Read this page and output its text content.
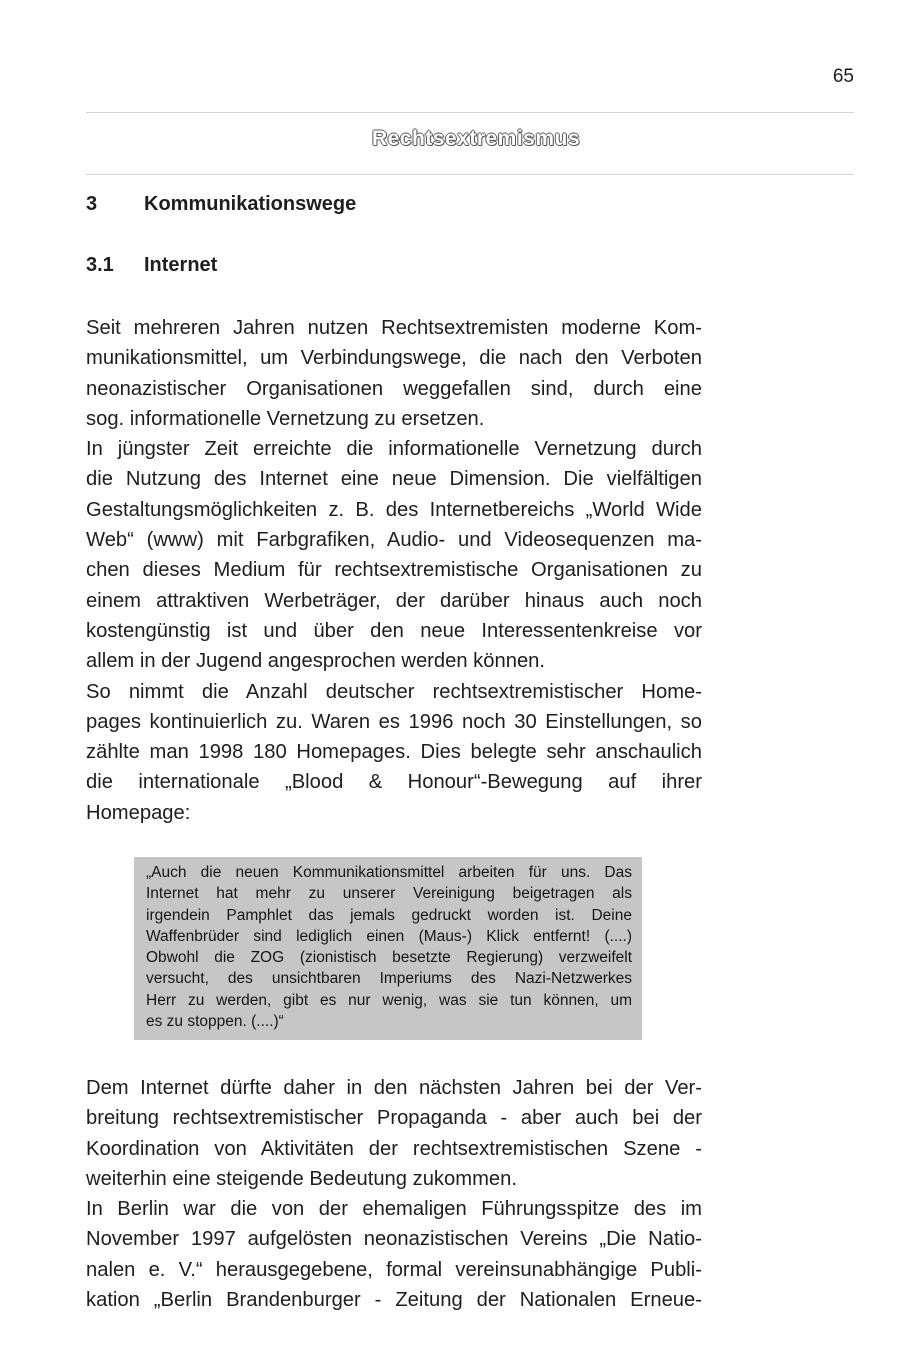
65
Rechtsextremismus
3 Kommunikationswege
3.1 Internet
Seit mehreren Jahren nutzen Rechtsextremisten moderne Kom-
munikationsmittel, um Verbindungswege, die nach den Verboten
neonazistischer Organisationen weggefallen sind, durch eine
sog. informationelle Vernetzung zu ersetzen.
In jüngster Zeit erreichte die informationelle Vernetzung durch
die Nutzung des Internet eine neue Dimension. Die vielfältigen
Gestaltungsmöglichkeiten z. B. des Internetbereichs „World Wide
Web“ (www) mit Farbgrafiken, Audio- und Videosequenzen ma-
chen dieses Medium für rechtsextremistische Organisationen zu
einem attraktiven Werbeträger, der darüber hinaus auch noch
kostengünstig ist und über den neue Interessentenkreise vor
allem in der Jugend angesprochen werden können.
So nimmt die Anzahl deutscher rechtsextremistischer Home-
pages kontinuierlich zu. Waren es 1996 noch 30 Einstellungen, so
zählte man 1998 180 Homepages. Dies belegte sehr anschaulich
die internationale „Blood & Honour“-Bewegung auf ihrer
Homepage:
„Auch die neuen Kommunikationsmittel arbeiten für uns. Das
Internet hat mehr zu unserer Vereinigung beigetragen als
irgendein Pamphlet das jemals gedruckt worden ist. Deine
Waffenbrüder sind lediglich einen (Maus-) Klick entfernt! (....)
Obwohl die ZOG (zionistisch besetzte Regierung) verzweifelt
versucht, des unsichtbaren Imperiums des Nazi-Netzwerkes
Herr zu werden, gibt es nur wenig, was sie tun können, um
es zu stoppen. (....)“
Dem Internet dürfte daher in den nächsten Jahren bei der Ver-
breitung rechtsextremistischer Propaganda - aber auch bei der
Koordination von Aktivitäten der rechtsextremistischen Szene -
weiterhin eine steigende Bedeutung zukommen.
In Berlin war die von der ehemaligen Führungsspitze des im
November 1997 aufgelösten neonazistischen Vereins „Die Natio-
nalen e. V.“ herausgegebene, formal vereinsunabhängige Publi-
kation „Berlin Brandenburger - Zeitung der Nationalen Erneue-
